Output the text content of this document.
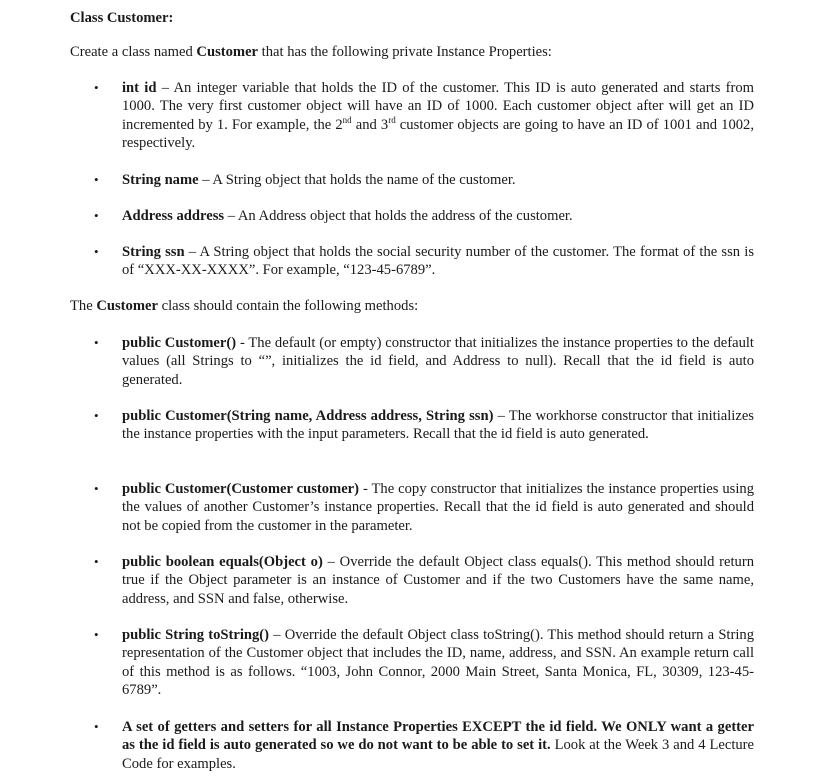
Class Customer:

Create a class named Customer that has the following private Instance Properties:

• int id – An integer variable that holds the ID of the customer. This ID is auto generated and starts from 1000. The very first customer object will have an ID of 1000. Each customer object after will get an ID incremented by 1. For example, the 2nd and 3rd customer objects are going to have an ID of 1001 and 1002, respectively.

• String name – A String object that holds the name of the customer.

• Address address – An Address object that holds the address of the customer.

• String ssn – A String object that holds the social security number of the customer. The format of the ssn is of “XXX-XX-XXXX”. For example, “123-45-6789”.

The Customer class should contain the following methods:

• public Customer() - The default (or empty) constructor that initializes the instance properties to the default values (all Strings to “”, initializes the id field, and Address to null). Recall that the id field is auto generated.

• public Customer(String name, Address address, String ssn) – The workhorse constructor that initializes the instance properties with the input parameters. Recall that the id field is auto generated.

• public Customer(Customer customer) - The copy constructor that initializes the instance properties using the values of another Customer’s instance properties. Recall that the id field is auto generated and should not be copied from the customer in the parameter.

• public boolean equals(Object o) – Override the default Object class equals(). This method should return true if the Object parameter is an instance of Customer and if the two Customers have the same name, address, and SSN and false, otherwise.

• public String toString() – Override the default Object class toString(). This method should return a String representation of the Customer object that includes the ID, name, address, and SSN. An example return call of this method is as follows. “1003, John Connor, 2000 Main Street, Santa Monica, FL, 30309, 123-45-6789”.

• A set of getters and setters for all Instance Properties EXCEPT the id field. We ONLY want a getter as the id field is auto generated so we do not want to be able to set it. Look at the Week 3 and 4 Lecture Code for examples.
